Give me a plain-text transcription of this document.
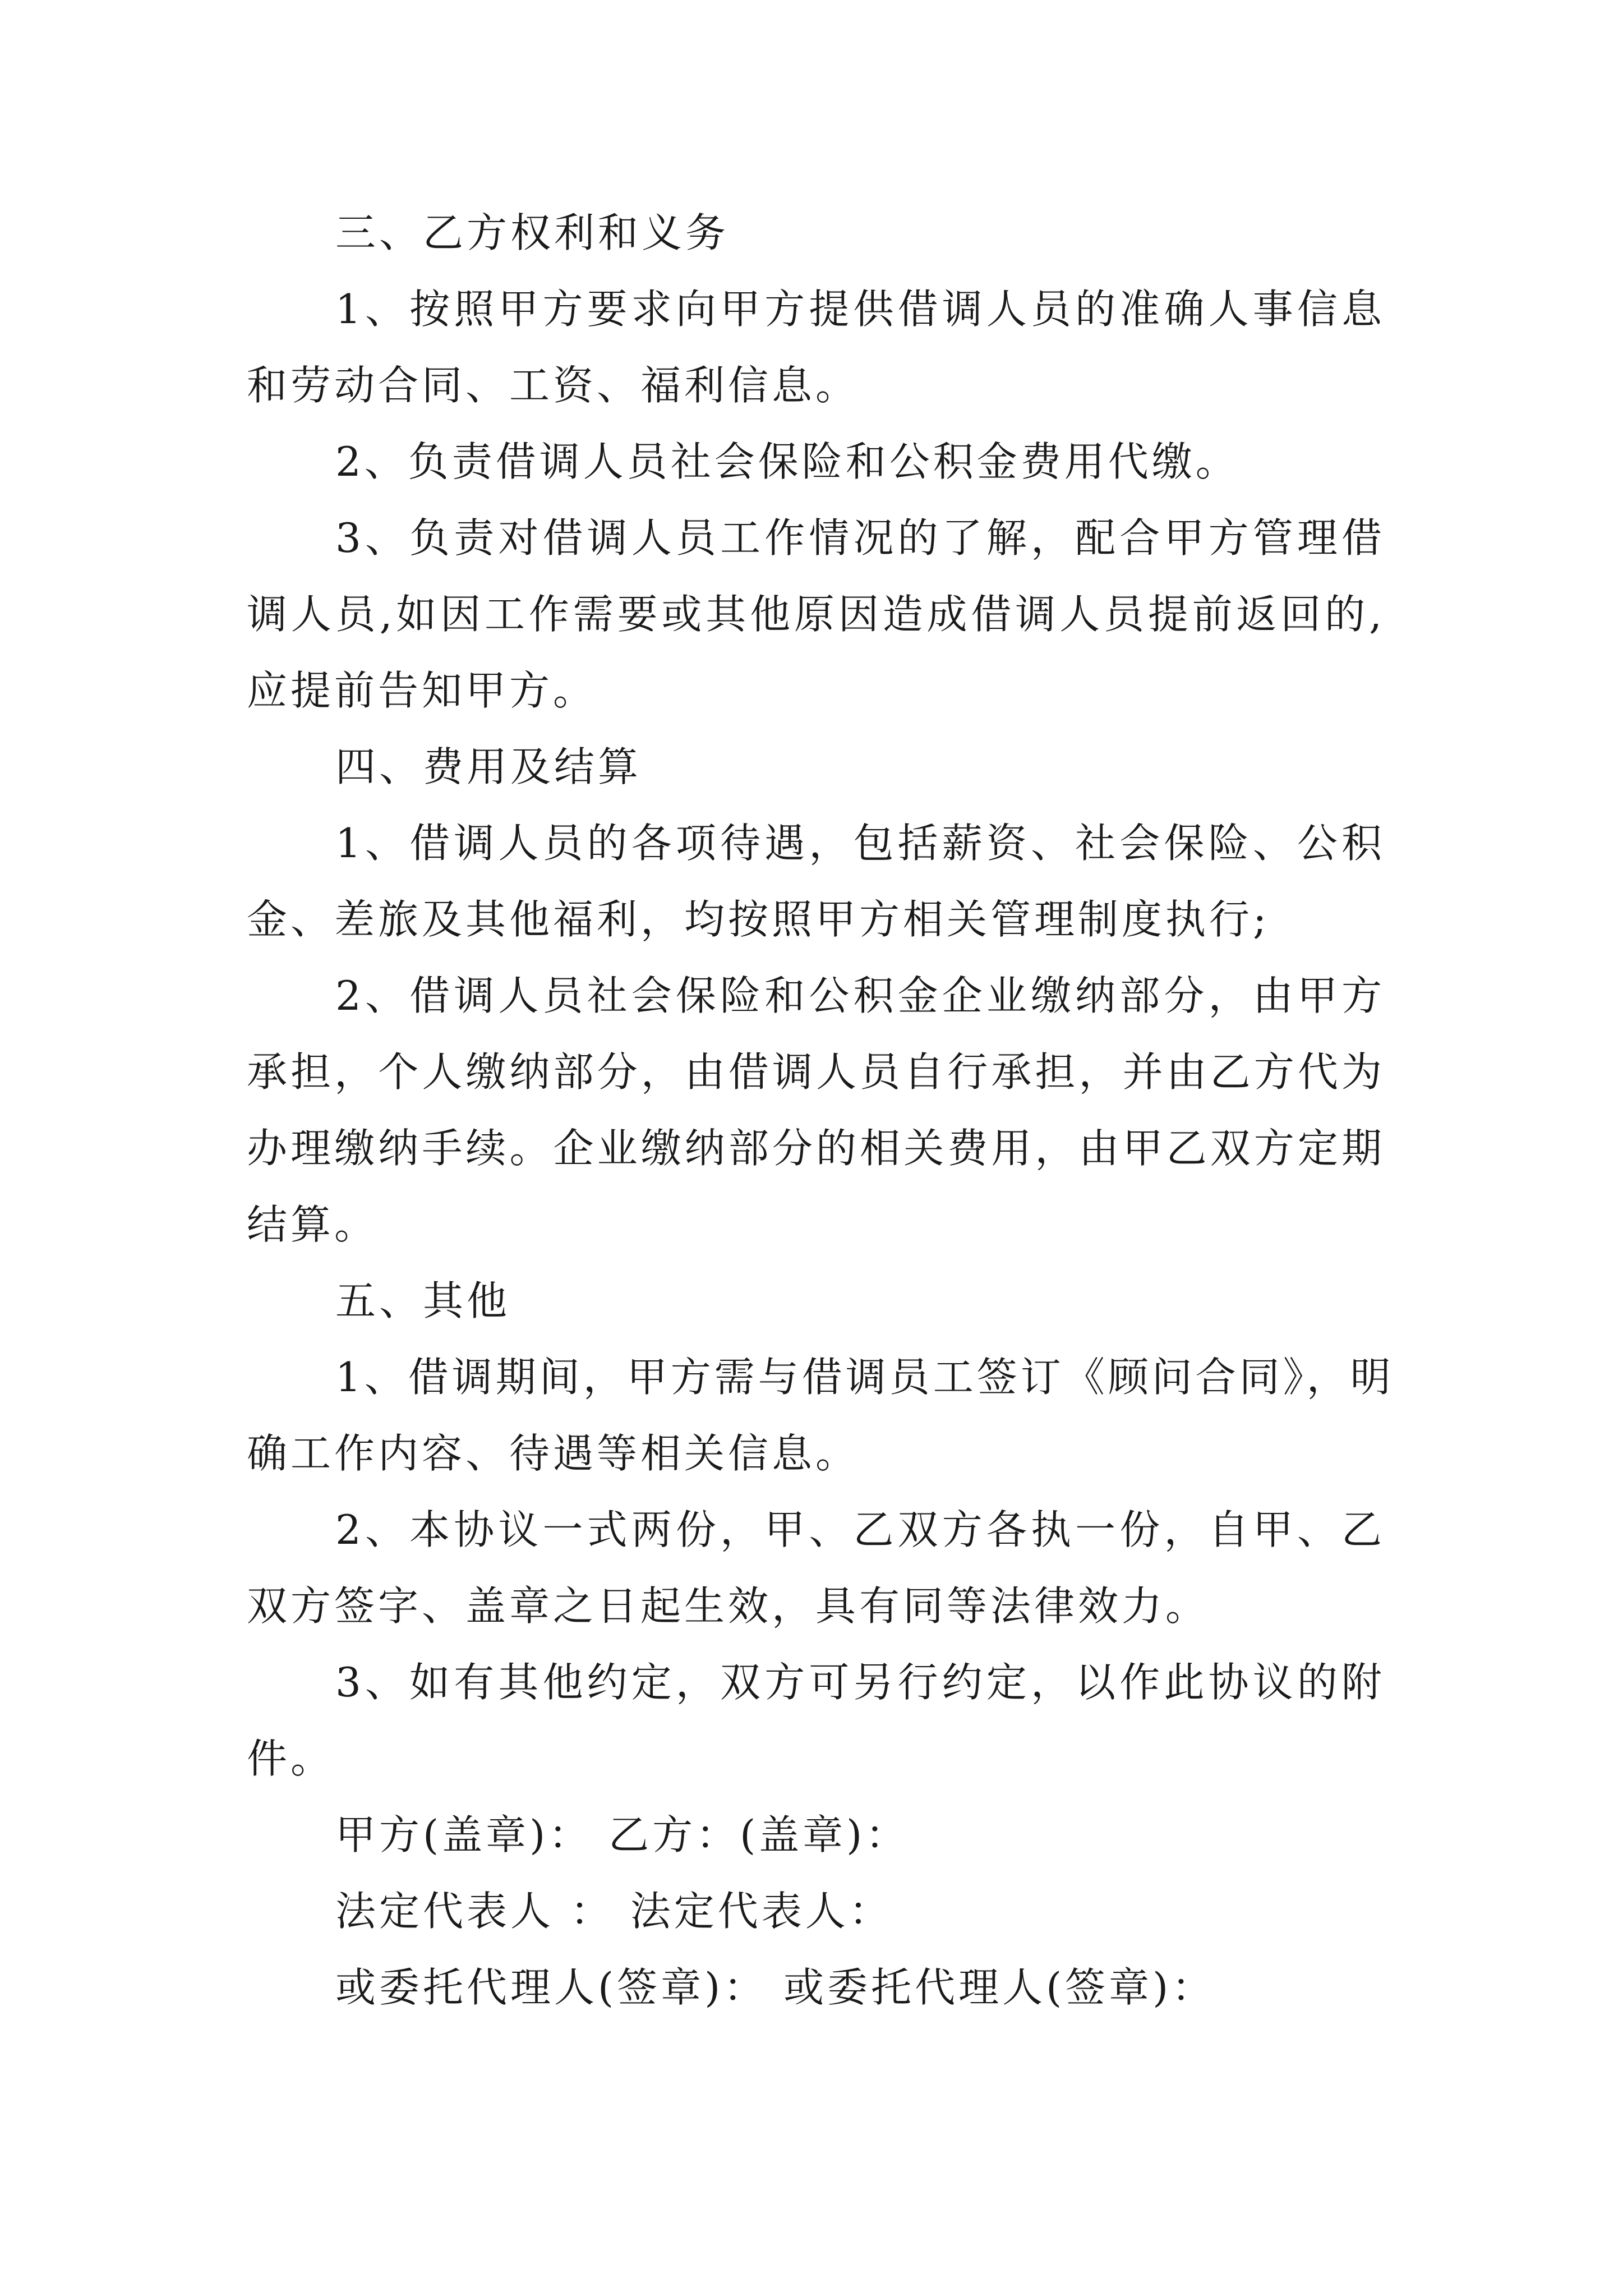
三、乙方权利和义务
1、按照甲方要求向甲方提供借调人员的准确人事信息
和劳动合同、工资、福利信息。
2、负责借调人员社会保险和公积金费用代缴。
3、负责对借调人员工作情况的了解，配合甲方管理借
调人员,如因工作需要或其他原因造成借调人员提前返回的,
应提前告知甲方。
四、费用及结算
1、借调人员的各项待遇，包括薪资、社会保险、公积
金、差旅及其他福利，均按照甲方相关管理制度执行;
2、借调人员社会保险和公积金企业缴纳部分，由甲方
承担，个人缴纳部分，由借调人员自行承担，并由乙方代为
办理缴纳手续。企业缴纳部分的相关费用，由甲乙双方定期
结算。
五、其他
1、借调期间，甲方需与借调员工签订《顾问合同》，明
确工作内容、待遇等相关信息。
2、本协议一式两份，甲、乙双方各执一份，自甲、乙
双方签字、盖章之日起生效，具有同等法律效力。
3、如有其他约定，双方可另行约定，以作此协议的附
件。
甲方(盖章)： 乙方：(盖章)：
法定代表人 ： 法定代表人：
或委托代理人(签章)： 或委托代理人(签章)：
